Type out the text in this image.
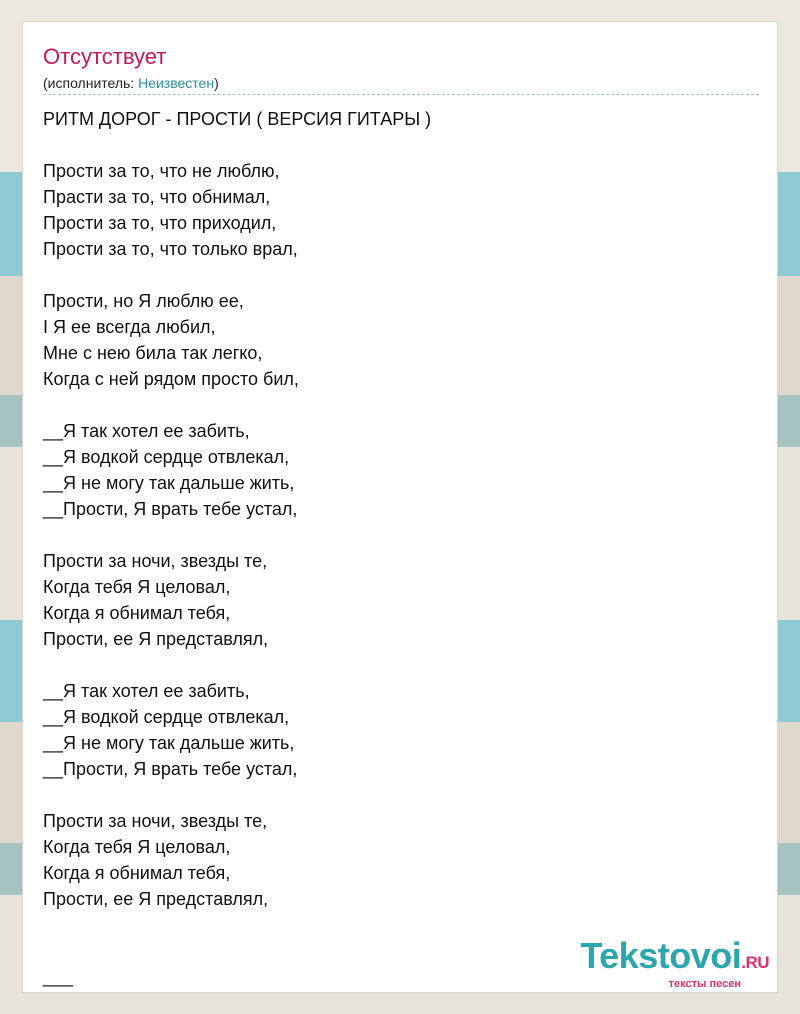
Отсутствует
(исполнитель: Неизвестен)
РИТМ ДОРОГ - ПРОСТИ ( ВЕРСИЯ ГИТАРЫ )
Прости за то, что не люблю,
Прасти за то, что обнимал,
Прости за то, что приходил,
Прости за то, что только врал,
Прости, но Я люблю ее,
I Я ее всегда любил,
Мне с нею била так легко,
Когда с ней рядом просто бил,
__Я так хотел ее забить,
__Я водкой сердце отвлекал,
__Я не могу так дальше жить,
__Прости, Я врать тебе устал,
Прости за ночи, звезды те,
Когда тебя Я целовал,
Когда я обнимал тебя,
Прости, ее Я представлял,
__Я так хотел ее забить,
__Я водкой сердце отвлекал,
__Я не могу так дальше жить,
__Прости, Я врать тебе устал,
Прости за ночи, звезды те,
Когда тебя Я целовал,
Когда я обнимал тебя,
Прости, ее Я представлял,
___
Tekstovoi.RU
тексты песен
